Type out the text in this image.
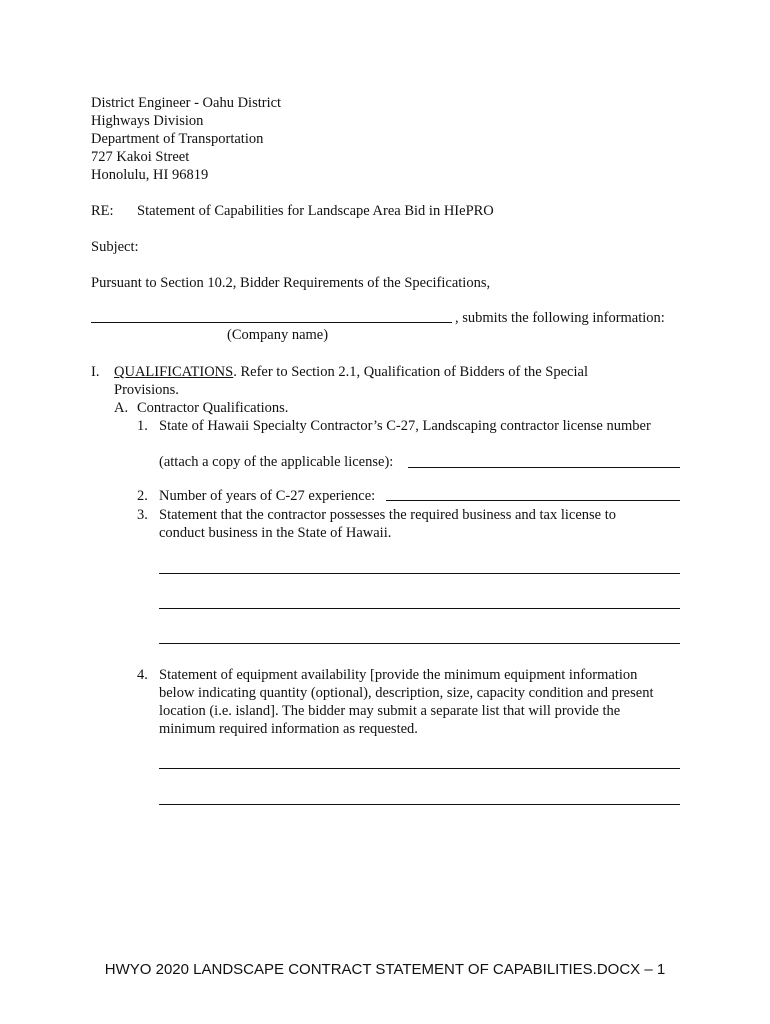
District Engineer - Oahu District
Highways Division
Department of Transportation
727 Kakoi Street
Honolulu, HI 96819
RE: Statement of Capabilities for Landscape Area Bid in HIePRO
Subject:
Pursuant to Section 10.2, Bidder Requirements of the Specifications,
, submits the following information:
(Company name)
I. QUALIFICATIONS. Refer to Section 2.1, Qualification of Bidders of the Special
Provisions.
A. Contractor Qualifications.
1. State of Hawaii Specialty Contractor’s C-27, Landscaping contractor license number
(attach a copy of the applicable license):
2. Number of years of C-27 experience:
3. Statement that the contractor possesses the required business and tax license to
conduct business in the State of Hawaii.
4. Statement of equipment availability [provide the minimum equipment information
below indicating quantity (optional), description, size, capacity condition and present
location (i.e. island]. The bidder may submit a separate list that will provide the
minimum required information as requested.
HWYO 2020 LANDSCAPE CONTRACT STATEMENT OF CAPABILITIES.DOCX – 1
